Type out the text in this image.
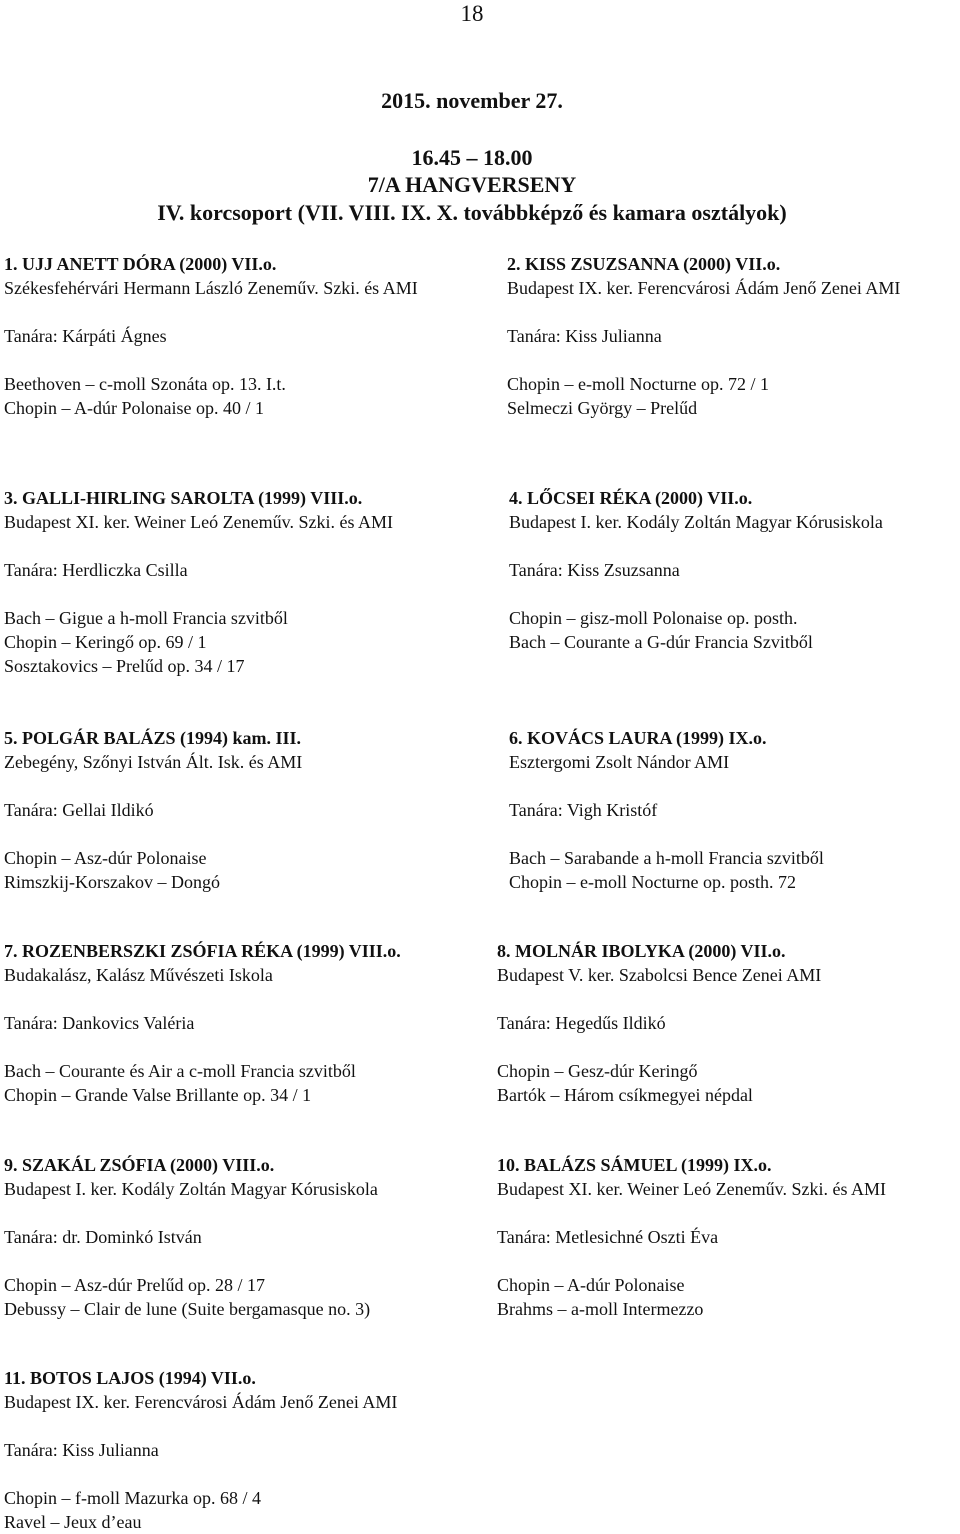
18
2015. november 27.
16.45 – 18.00
7/A HANGVERSENY
IV. korcsoport (VII. VIII. IX. X. továbbképző és kamara osztályok)
1. UJJ ANETT DÓRA (2000) VII.o.
Székesfehérvári Hermann László Zeneműv. Szki. és AMI
Tanára: Kárpáti Ágnes
Beethoven – c-moll Szonáta op. 13. I.t.
Chopin – A-dúr Polonaise op. 40 / 1
2. KISS ZSUZSANNA (2000) VII.o.
Budapest IX. ker. Ferencvárosi Ádám Jenő Zenei AMI
Tanára: Kiss Julianna
Chopin – e-moll Nocturne op. 72 / 1
Selmeczi György – Prelűd
3. GALLI-HIRLING SAROLTA (1999) VIII.o.
Budapest XI. ker. Weiner Leó Zeneműv. Szki. és AMI
Tanára: Herdliczka Csilla
Bach – Gigue a h-moll Francia szvitből
Chopin – Keringő op. 69 / 1
Sosztakovics – Prelűd op. 34 / 17
4. LŐCSEI RÉKA (2000) VII.o.
Budapest I. ker. Kodály Zoltán Magyar Kórusiskola
Tanára: Kiss Zsuzsanna
Chopin – gisz-moll Polonaise op. posth.
Bach – Courante a G-dúr Francia Szvitből
5. POLGÁR BALÁZS (1994) kam. III.
Zebegény, Szőnyi István Ált. Isk. és AMI
Tanára: Gellai Ildikó
Chopin – Asz-dúr Polonaise
Rimszkij-Korszakov – Dongó
6. KOVÁCS LAURA (1999) IX.o.
Esztergomi Zsolt Nándor AMI
Tanára: Vigh Kristóf
Bach – Sarabande a h-moll Francia szvitből
Chopin – e-moll Nocturne op. posth. 72
7. ROZENBERSZKI ZSÓFIA RÉKA (1999) VIII.o.
Budakalász, Kalász Művészeti Iskola
Tanára: Dankovics Valéria
Bach – Courante és Air a c-moll Francia szvitből
Chopin – Grande Valse Brillante op. 34 / 1
8. MOLNÁR IBOLYKA (2000) VII.o.
Budapest V. ker. Szabolcsi Bence Zenei AMI
Tanára: Hegedűs Ildikó
Chopin – Gesz-dúr Keringő
Bartók – Három csíkmegyei népdal
9. SZAKÁL ZSÓFIA (2000) VIII.o.
Budapest I. ker. Kodály Zoltán Magyar Kórusiskola
Tanára: dr. Dominkó István
Chopin – Asz-dúr Prelűd op. 28 / 17
Debussy – Clair de lune (Suite bergamasque no. 3)
10. BALÁZS SÁMUEL (1999) IX.o.
Budapest XI. ker. Weiner Leó Zeneműv. Szki. és AMI
Tanára: Metlesichné Oszti Éva
Chopin – A-dúr Polonaise
Brahms – a-moll Intermezzo
11. BOTOS LAJOS (1994) VII.o.
Budapest IX. ker. Ferencvárosi Ádám Jenő Zenei AMI
Tanára: Kiss Julianna
Chopin – f-moll Mazurka op. 68 / 4
Ravel – Jeux d’eau
